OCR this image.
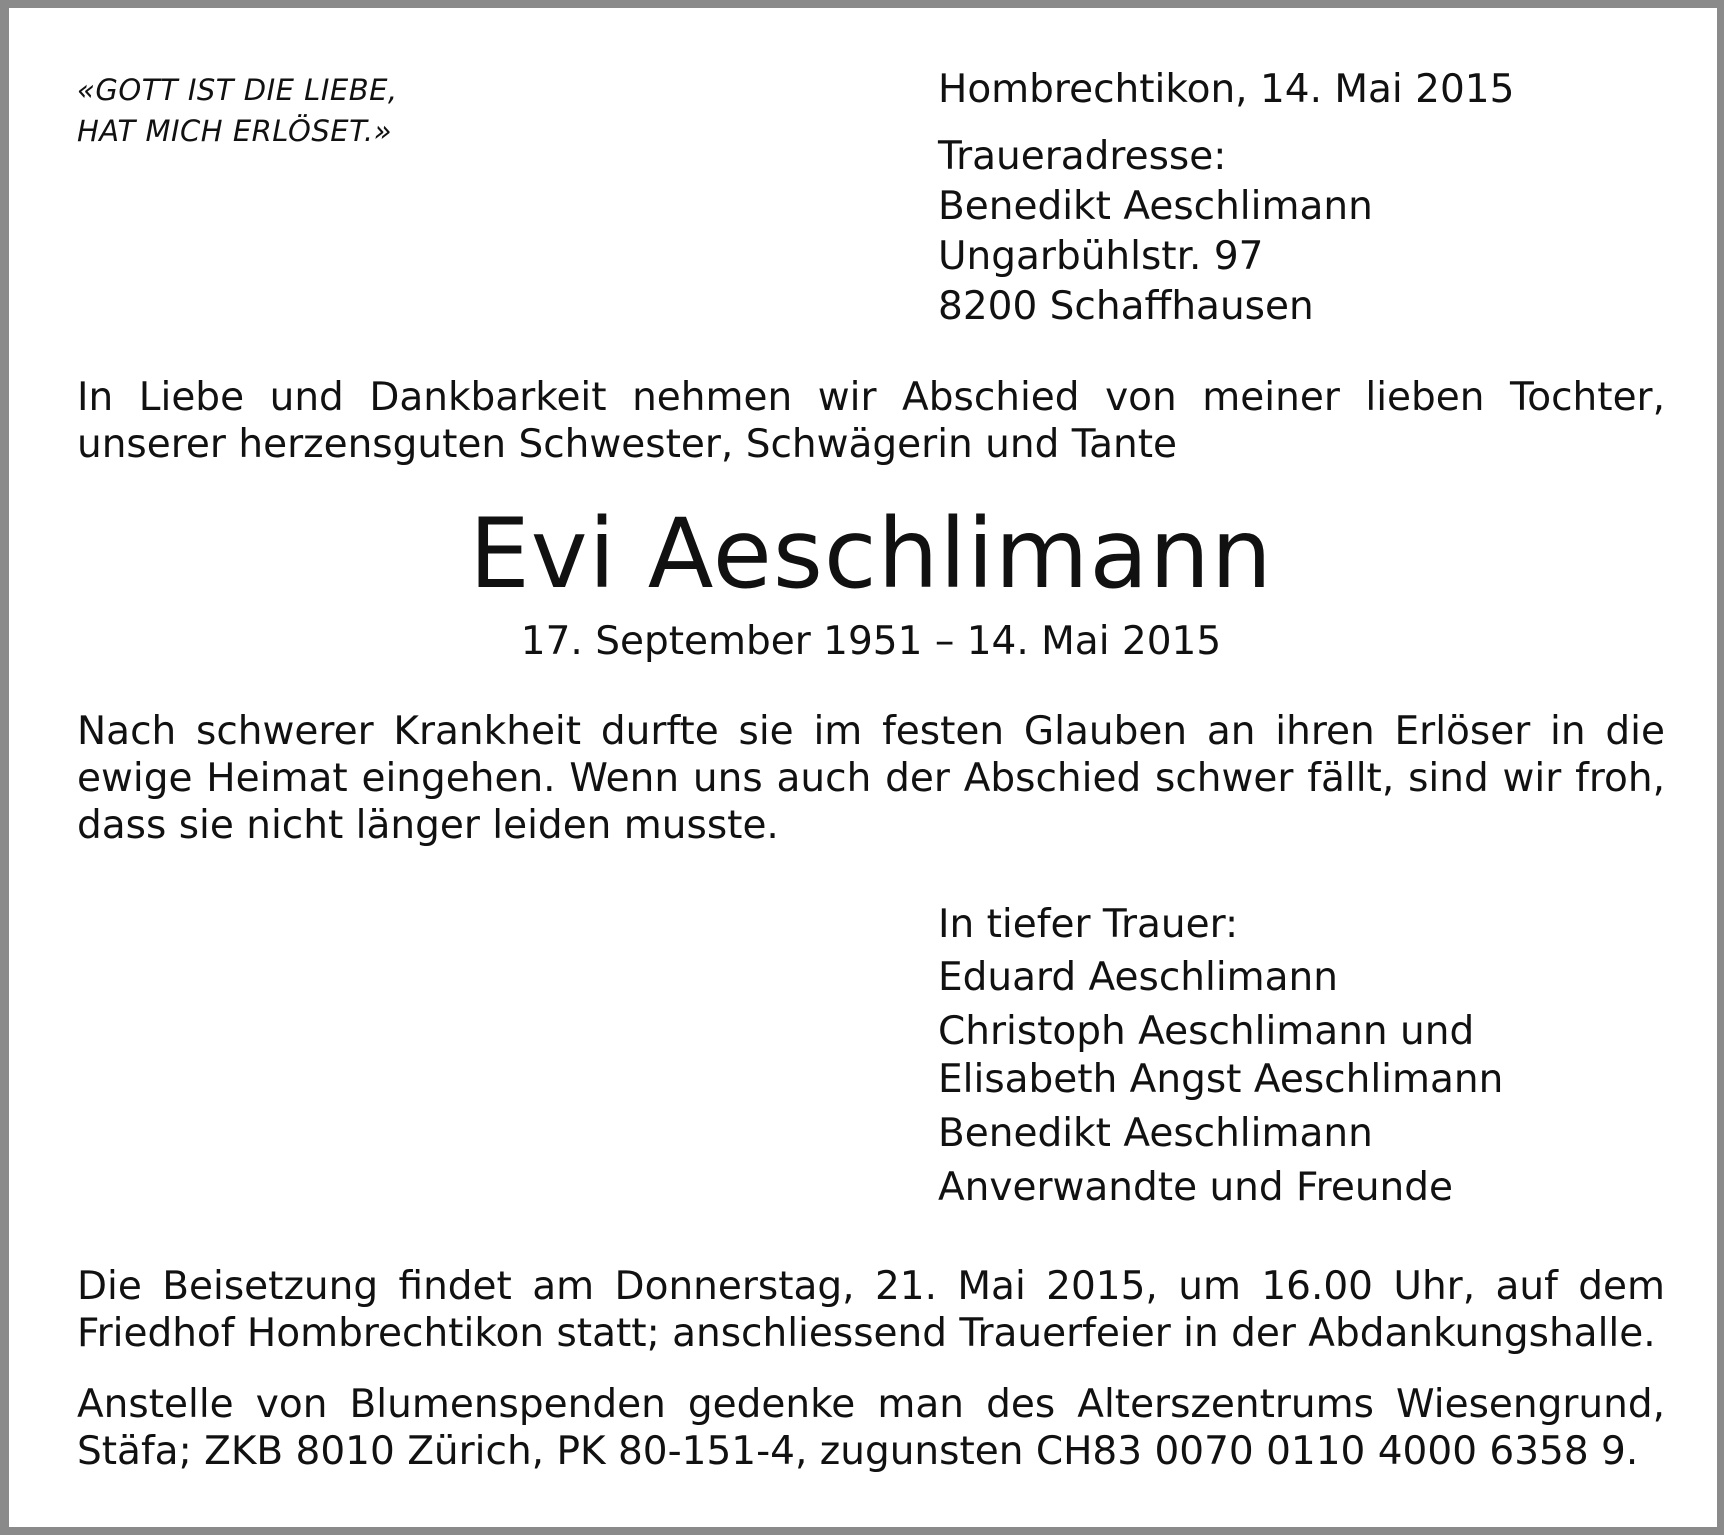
«GOTT IST DIE LIEBE,
HAT MICH ERLÖSET.»

Hombrechtikon, 14. Mai 2015

Traueradresse:
Benedikt Aeschlimann
Ungarbühlstr. 97
8200 Schaffhausen

In Liebe und Dankbarkeit nehmen wir Abschied von meiner lieben Tochter, unserer herzensguten Schwester, Schwägerin und Tante

Evi Aeschlimann

17. September 1951 – 14. Mai 2015

Nach schwerer Krankheit durfte sie im festen Glauben an ihren Erlöser in die ewige Heimat eingehen. Wenn uns auch der Abschied schwer fällt, sind wir froh, dass sie nicht länger leiden musste.

In tiefer Trauer:

Eduard Aeschlimann
Christoph Aeschlimann und
Elisabeth Angst Aeschlimann
Benedikt Aeschlimann
Anverwandte und Freunde

Die Beisetzung findet am Donnerstag, 21. Mai 2015, um 16.00 Uhr, auf dem Friedhof Hombrechtikon statt; anschliessend Trauerfeier in der Abdankungshalle.

Anstelle von Blumenspenden gedenke man des Alterszentrums Wiesengrund, Stäfa; ZKB 8010 Zürich, PK 80-151-4, zugunsten CH83 0070 0110 4000 6358 9.
